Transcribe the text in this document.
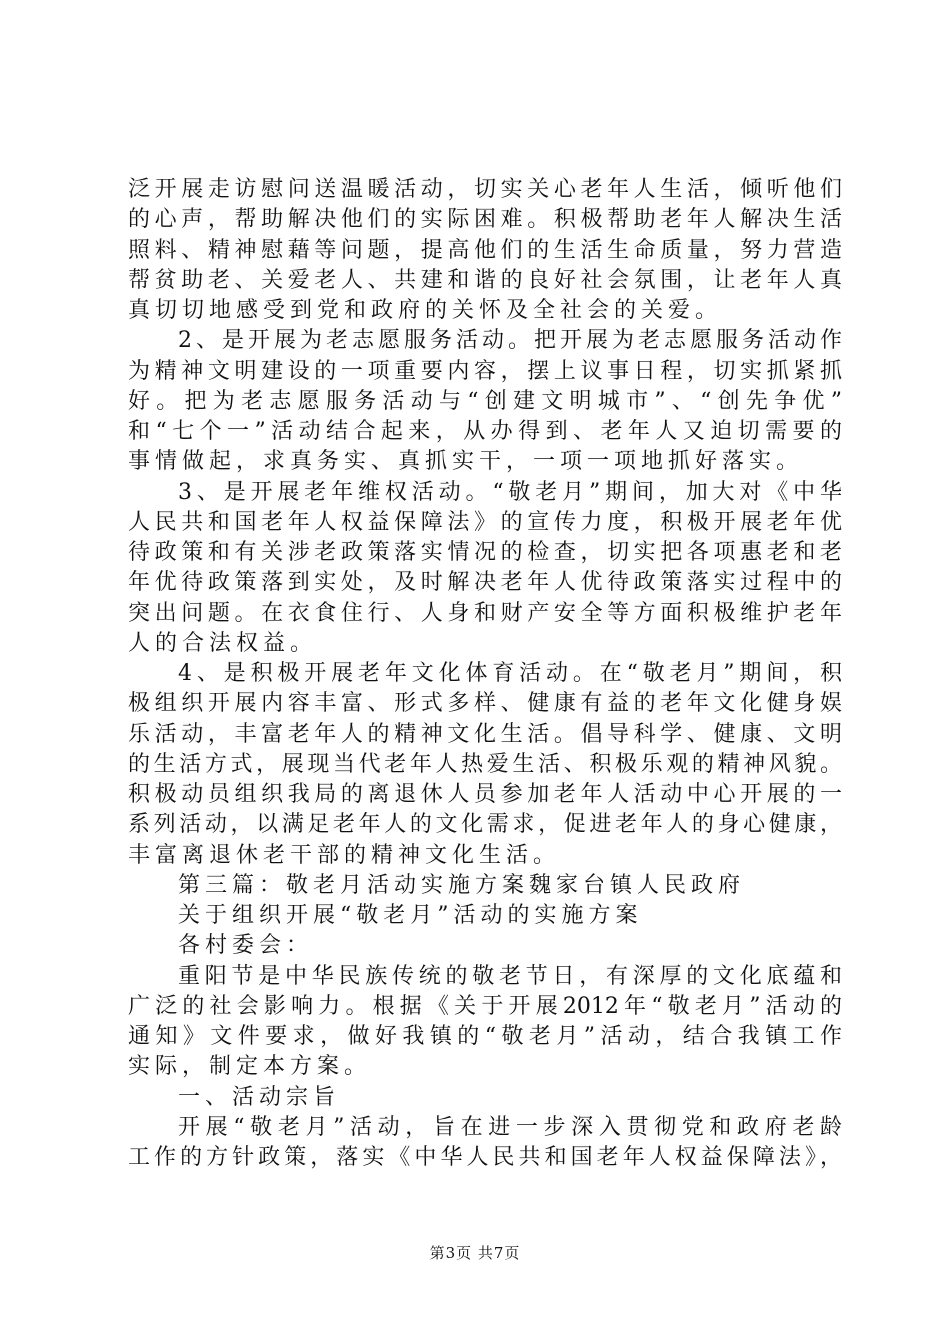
泛开展走访慰问送温暖活动，切实关心老年人生活，倾听他们
的心声，帮助解决他们的实际困难。积极帮助老年人解决生活
照料、精神慰藉等问题，提高他们的生活生命质量，努力营造
帮贫助老、关爱老人、共建和谐的良好社会氛围，让老年人真
真切切地感受到党和政府的关怀及全社会的关爱。
2、是开展为老志愿服务活动。把开展为老志愿服务活动作
为精神文明建设的一项重要内容，摆上议事日程，切实抓紧抓
好。把为老志愿服务活动与“创建文明城市”、“创先争优”
和“七个一”活动结合起来，从办得到、老年人又迫切需要的
事情做起，求真务实、真抓实干，一项一项地抓好落实。
3、是开展老年维权活动。“敬老月”期间，加大对《中华
人民共和国老年人权益保障法》的宣传力度，积极开展老年优
待政策和有关涉老政策落实情况的检查，切实把各项惠老和老
年优待政策落到实处，及时解决老年人优待政策落实过程中的
突出问题。在衣食住行、人身和财产安全等方面积极维护老年
人的合法权益。
4、是积极开展老年文化体育活动。在“敬老月”期间，积
极组织开展内容丰富、形式多样、健康有益的老年文化健身娱
乐活动，丰富老年人的精神文化生活。倡导科学、健康、文明
的生活方式，展现当代老年人热爱生活、积极乐观的精神风貌。
积极动员组织我局的离退休人员参加老年人活动中心开展的一
系列活动，以满足老年人的文化需求，促进老年人的身心健康，
丰富离退休老干部的精神文化生活。
第三篇：敬老月活动实施方案魏家台镇人民政府
关于组织开展“敬老月”活动的实施方案
各村委会：
重阳节是中华民族传统的敬老节日，有深厚的文化底蕴和
广泛的社会影响力。根据《关于开展2012年“敬老月”活动的
通知》文件要求，做好我镇的“敬老月”活动，结合我镇工作
实际，制定本方案。
一、活动宗旨
开展“敬老月”活动，旨在进一步深入贯彻党和政府老龄
工作的方针政策，落实《中华人民共和国老年人权益保障法》，
第3页 共7页
